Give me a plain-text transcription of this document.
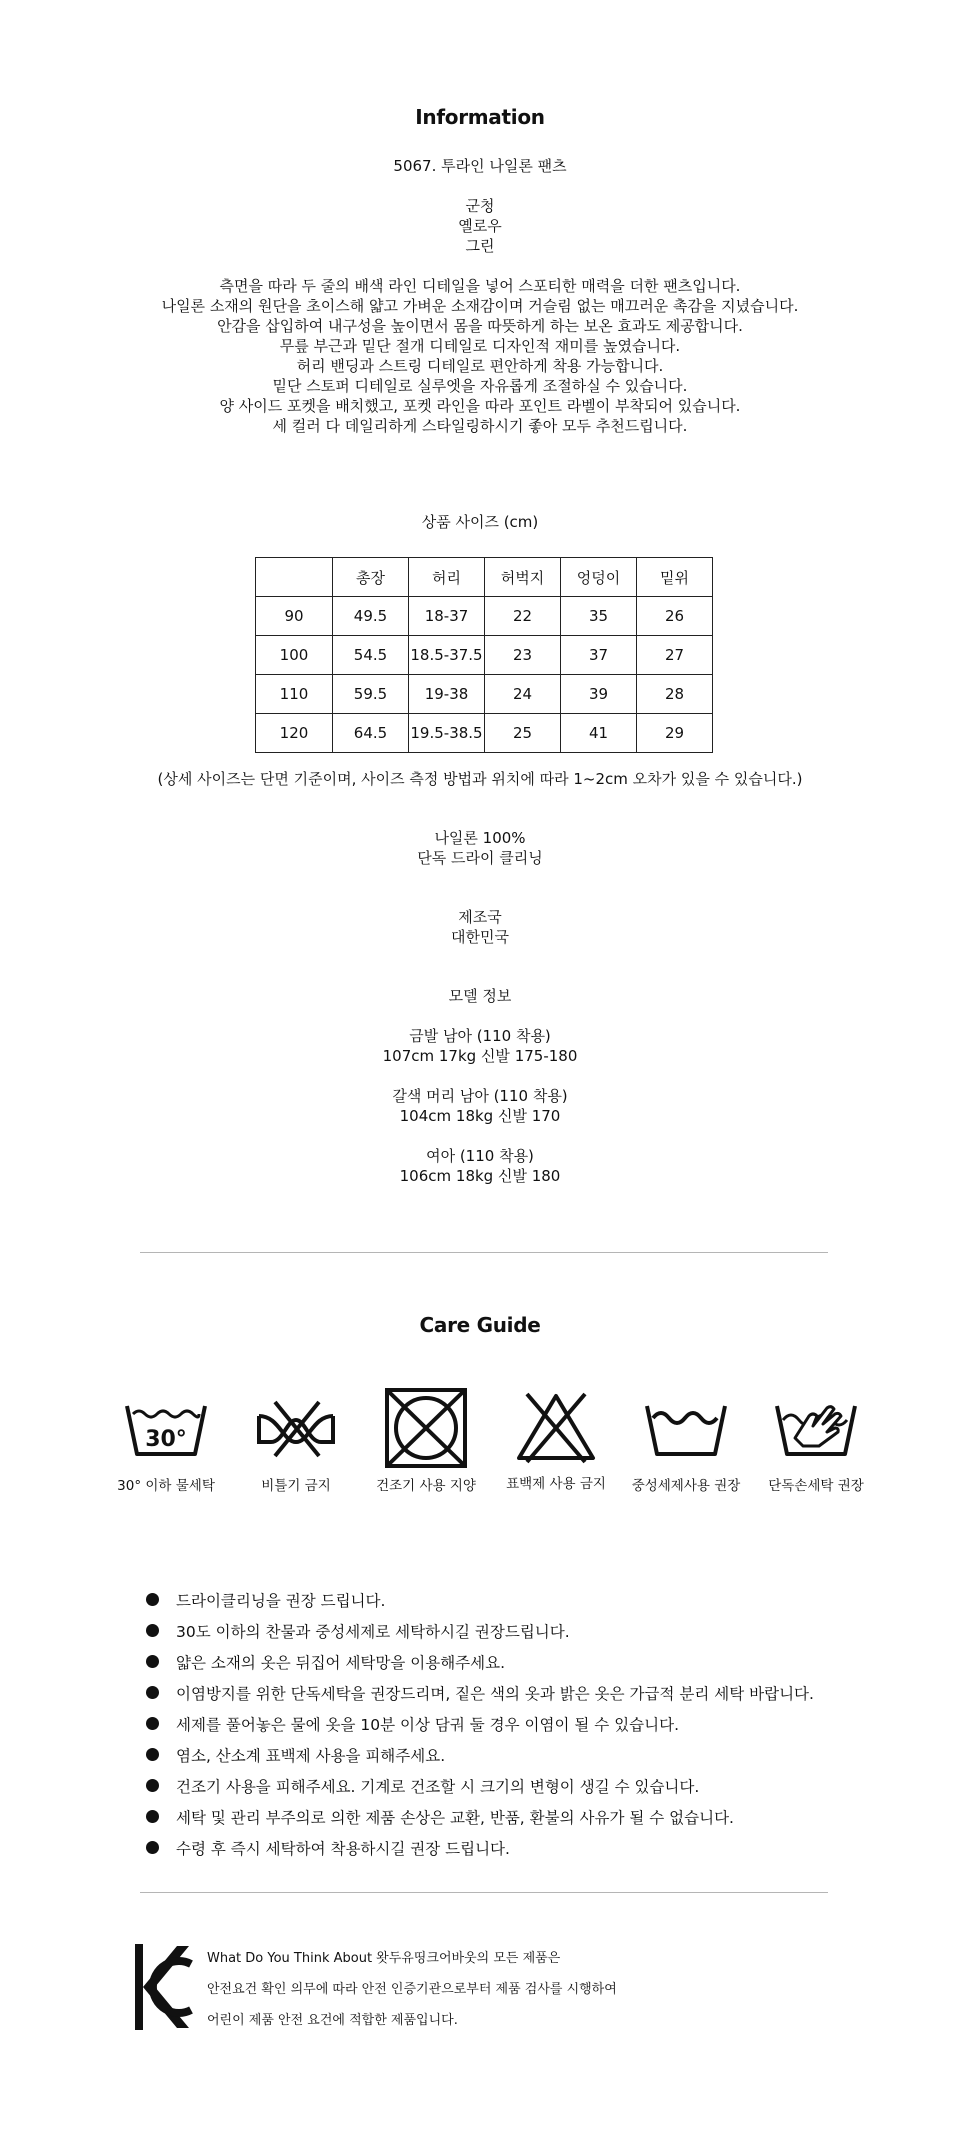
Information
5067. 투라인 나일론 팬츠
군청
옐로우
그린
측면을 따라 두 줄의 배색 라인 디테일을 넣어 스포티한 매력을 더한 팬츠입니다.
나일론 소재의 원단을 초이스해 얇고 가벼운 소재감이며 거슬림 없는 매끄러운 촉감을 지녔습니다.
안감을 삽입하여 내구성을 높이면서 몸을 따뜻하게 하는 보온 효과도 제공합니다.
무릎 부근과 밑단 절개 디테일로 디자인적 재미를 높였습니다.
허리 밴딩과 스트링 디테일로 편안하게 착용 가능합니다.
밑단 스토퍼 디테일로 실루엣을 자유롭게 조절하실 수 있습니다.
양 사이드 포켓을 배치했고, 포켓 라인을 따라 포인트 라벨이 부착되어 있습니다.
세 컬러 다 데일리하게 스타일링하시기 좋아 모두 추천드립니다.
상품 사이즈 (cm)
	총장	허리	허벅지	엉덩이	밑위
90	49.5	18-37	22	35	26
100	54.5	18.5-37.5	23	37	27
110	59.5	19-38	24	39	28
120	64.5	19.5-38.5	25	41	29
(상세 사이즈는 단면 기준이며, 사이즈 측정 방법과 위치에 따라 1~2cm 오차가 있을 수 있습니다.)
나일론 100%
단독 드라이 클리닝
제조국
대한민국
모델 정보
금발 남아 (110 착용)
107cm 17kg 신발 175-180
갈색 머리 남아 (110 착용)
104cm 18kg 신발 170
여아 (110 착용)
106cm 18kg 신발 180
Care Guide
30°
30° 이하 물세탁	비틀기 금지	건조기 사용 지양	표백제 사용 금지	중성세제사용 권장	단독손세탁 권장
드라이클리닝을 권장 드립니다.
30도 이하의 찬물과 중성세제로 세탁하시길 권장드립니다.
얇은 소재의 옷은 뒤집어 세탁망을 이용해주세요.
이염방지를 위한 단독세탁을 권장드리며, 짙은 색의 옷과 밝은 옷은 가급적 분리 세탁 바랍니다.
세제를 풀어놓은 물에 옷을 10분 이상 담궈 둘 경우 이염이 될 수 있습니다.
염소, 산소계 표백제 사용을 피해주세요.
건조기 사용을 피해주세요. 기계로 건조할 시 크기의 변형이 생길 수 있습니다.
세탁 및 관리 부주의로 의한 제품 손상은 교환, 반품, 환불의 사유가 될 수 없습니다.
수령 후 즉시 세탁하여 착용하시길 권장 드립니다.
What Do You Think About 왓두유띵크어바웃의 모든 제품은
안전요건 확인 의무에 따라 안전 인증기관으로부터 제품 검사를 시행하여
어린이 제품 안전 요건에 적합한 제품입니다.
